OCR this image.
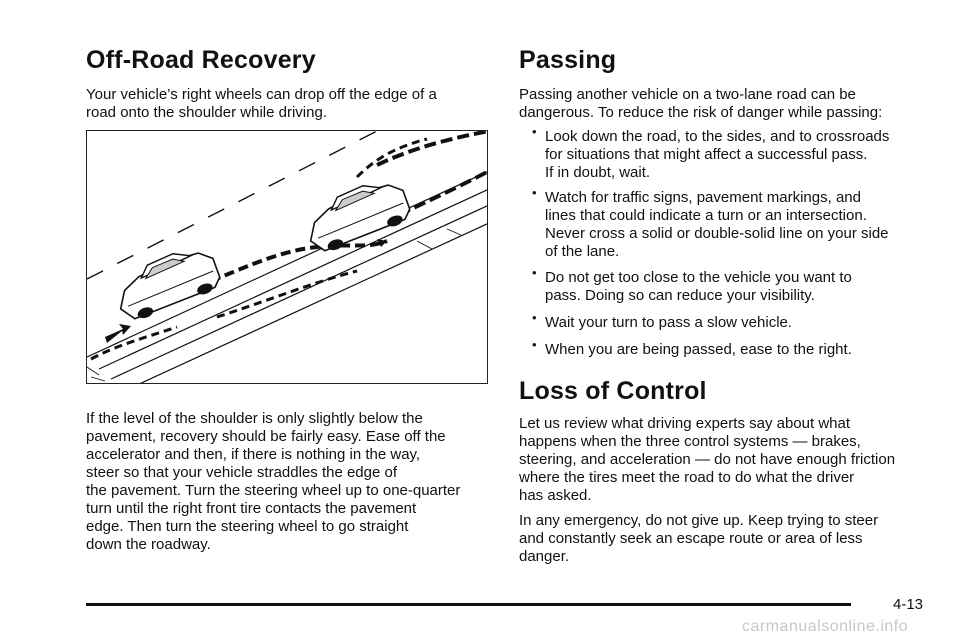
Off-Road Recovery

Your vehicle’s right wheels can drop off the edge of a
road onto the shoulder while driving.

If the level of the shoulder is only slightly below the
pavement, recovery should be fairly easy. Ease off the
accelerator and then, if there is nothing in the way,
steer so that your vehicle straddles the edge of
the pavement. Turn the steering wheel up to one-quarter
turn until the right front tire contacts the pavement
edge. Then turn the steering wheel to go straight
down the roadway.

Passing

Passing another vehicle on a two-lane road can be
dangerous. To reduce the risk of danger while passing:

• Look down the road, to the sides, and to crossroads
for situations that might affect a successful pass.
If in doubt, wait.

• Watch for traffic signs, pavement markings, and
lines that could indicate a turn or an intersection.
Never cross a solid or double-solid line on your side
of the lane.

• Do not get too close to the vehicle you want to
pass. Doing so can reduce your visibility.

• Wait your turn to pass a slow vehicle.

• When you are being passed, ease to the right.

Loss of Control

Let us review what driving experts say about what
happens when the three control systems — brakes,
steering, and acceleration — do not have enough friction
where the tires meet the road to do what the driver
has asked.

In any emergency, do not give up. Keep trying to steer
and constantly seek an escape route or area of less
danger.

4-13
carmanualsonline.info
